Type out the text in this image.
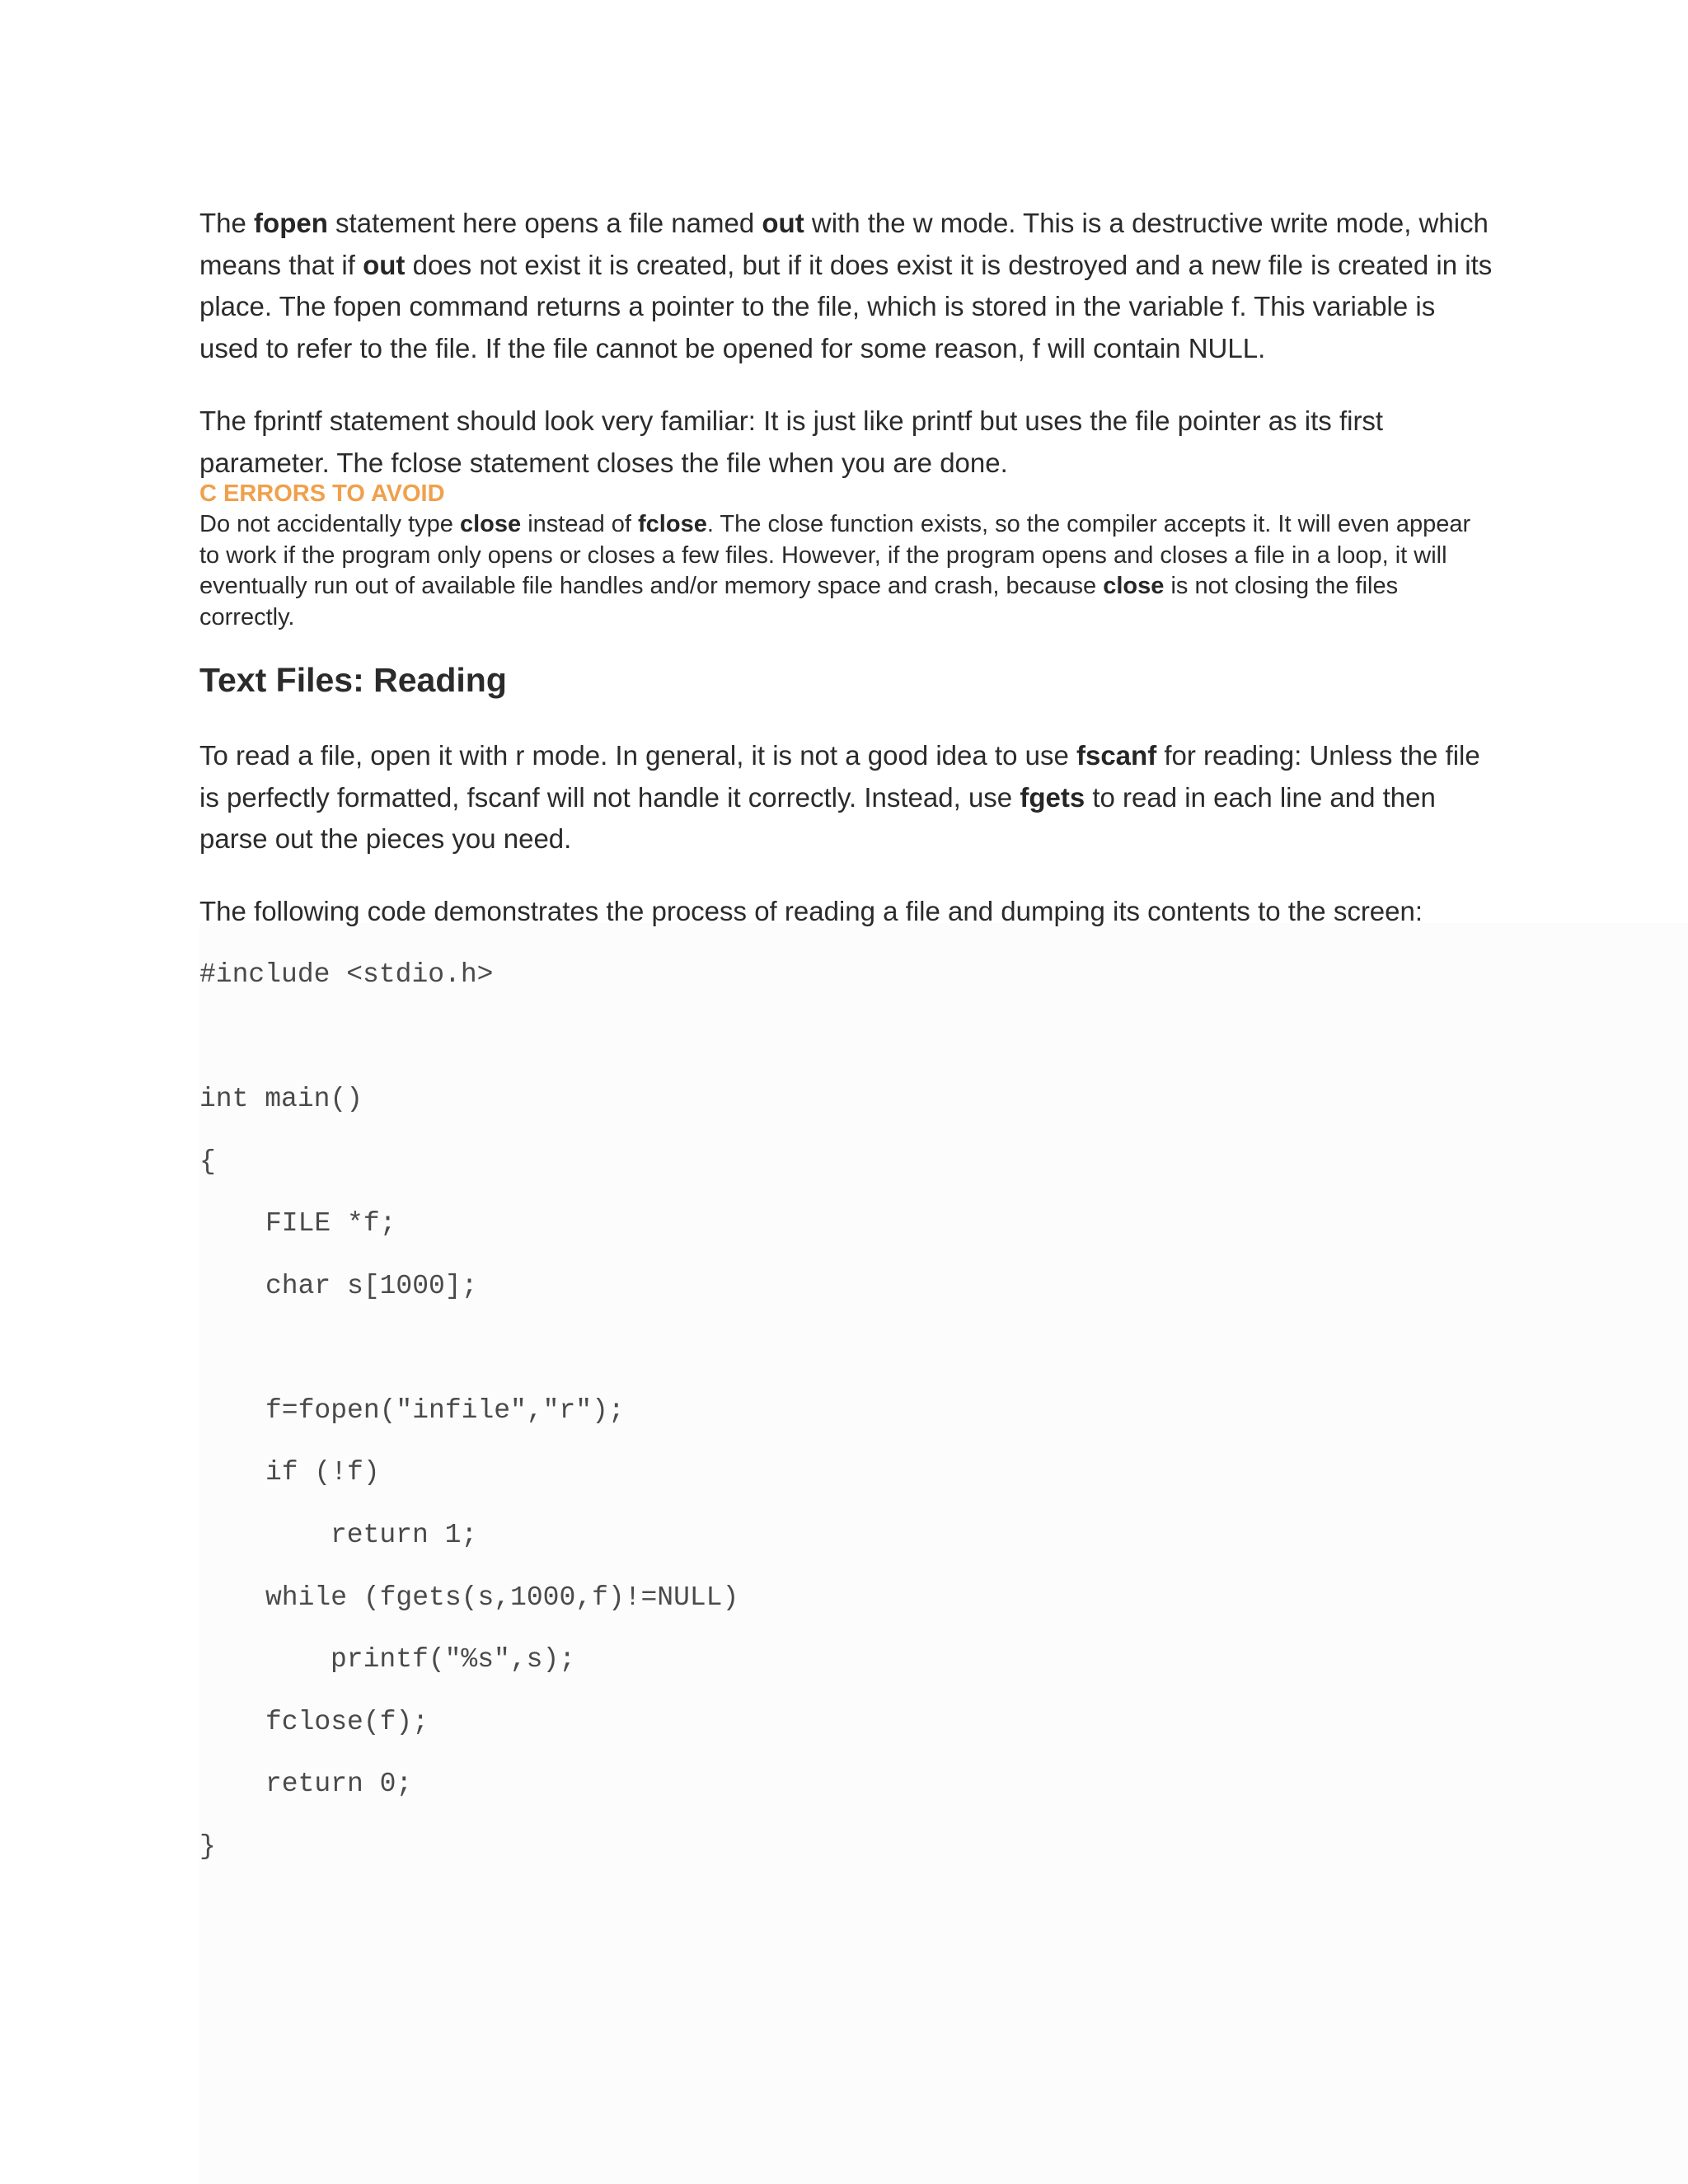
The fopen statement here opens a file named out with the w mode. This is a destructive write mode, which means that if out does not exist it is created, but if it does exist it is destroyed and a new file is created in its place. The fopen command returns a pointer to the file, which is stored in the variable f. This variable is used to refer to the file. If the file cannot be opened for some reason, f will contain NULL.

The fprintf statement should look very familiar: It is just like printf but uses the file pointer as its first parameter. The fclose statement closes the file when you are done.

C ERRORS TO AVOID

Do not accidentally type close instead of fclose. The close function exists, so the compiler accepts it. It will even appear to work if the program only opens or closes a few files. However, if the program opens and closes a file in a loop, it will eventually run out of available file handles and/or memory space and crash, because close is not closing the files correctly.

Text Files: Reading

To read a file, open it with r mode. In general, it is not a good idea to use fscanf for reading: Unless the file is perfectly formatted, fscanf will not handle it correctly. Instead, use fgets to read in each line and then parse out the pieces you need.

The following code demonstrates the process of reading a file and dumping its contents to the screen:

#include <stdio.h>
int main()
{
FILE *f;
char s[1000];
f=fopen("infile","r");
if (!f)
return 1;
while (fgets(s,1000,f)!=NULL)
printf("%s",s);
fclose(f);
return 0;
}
